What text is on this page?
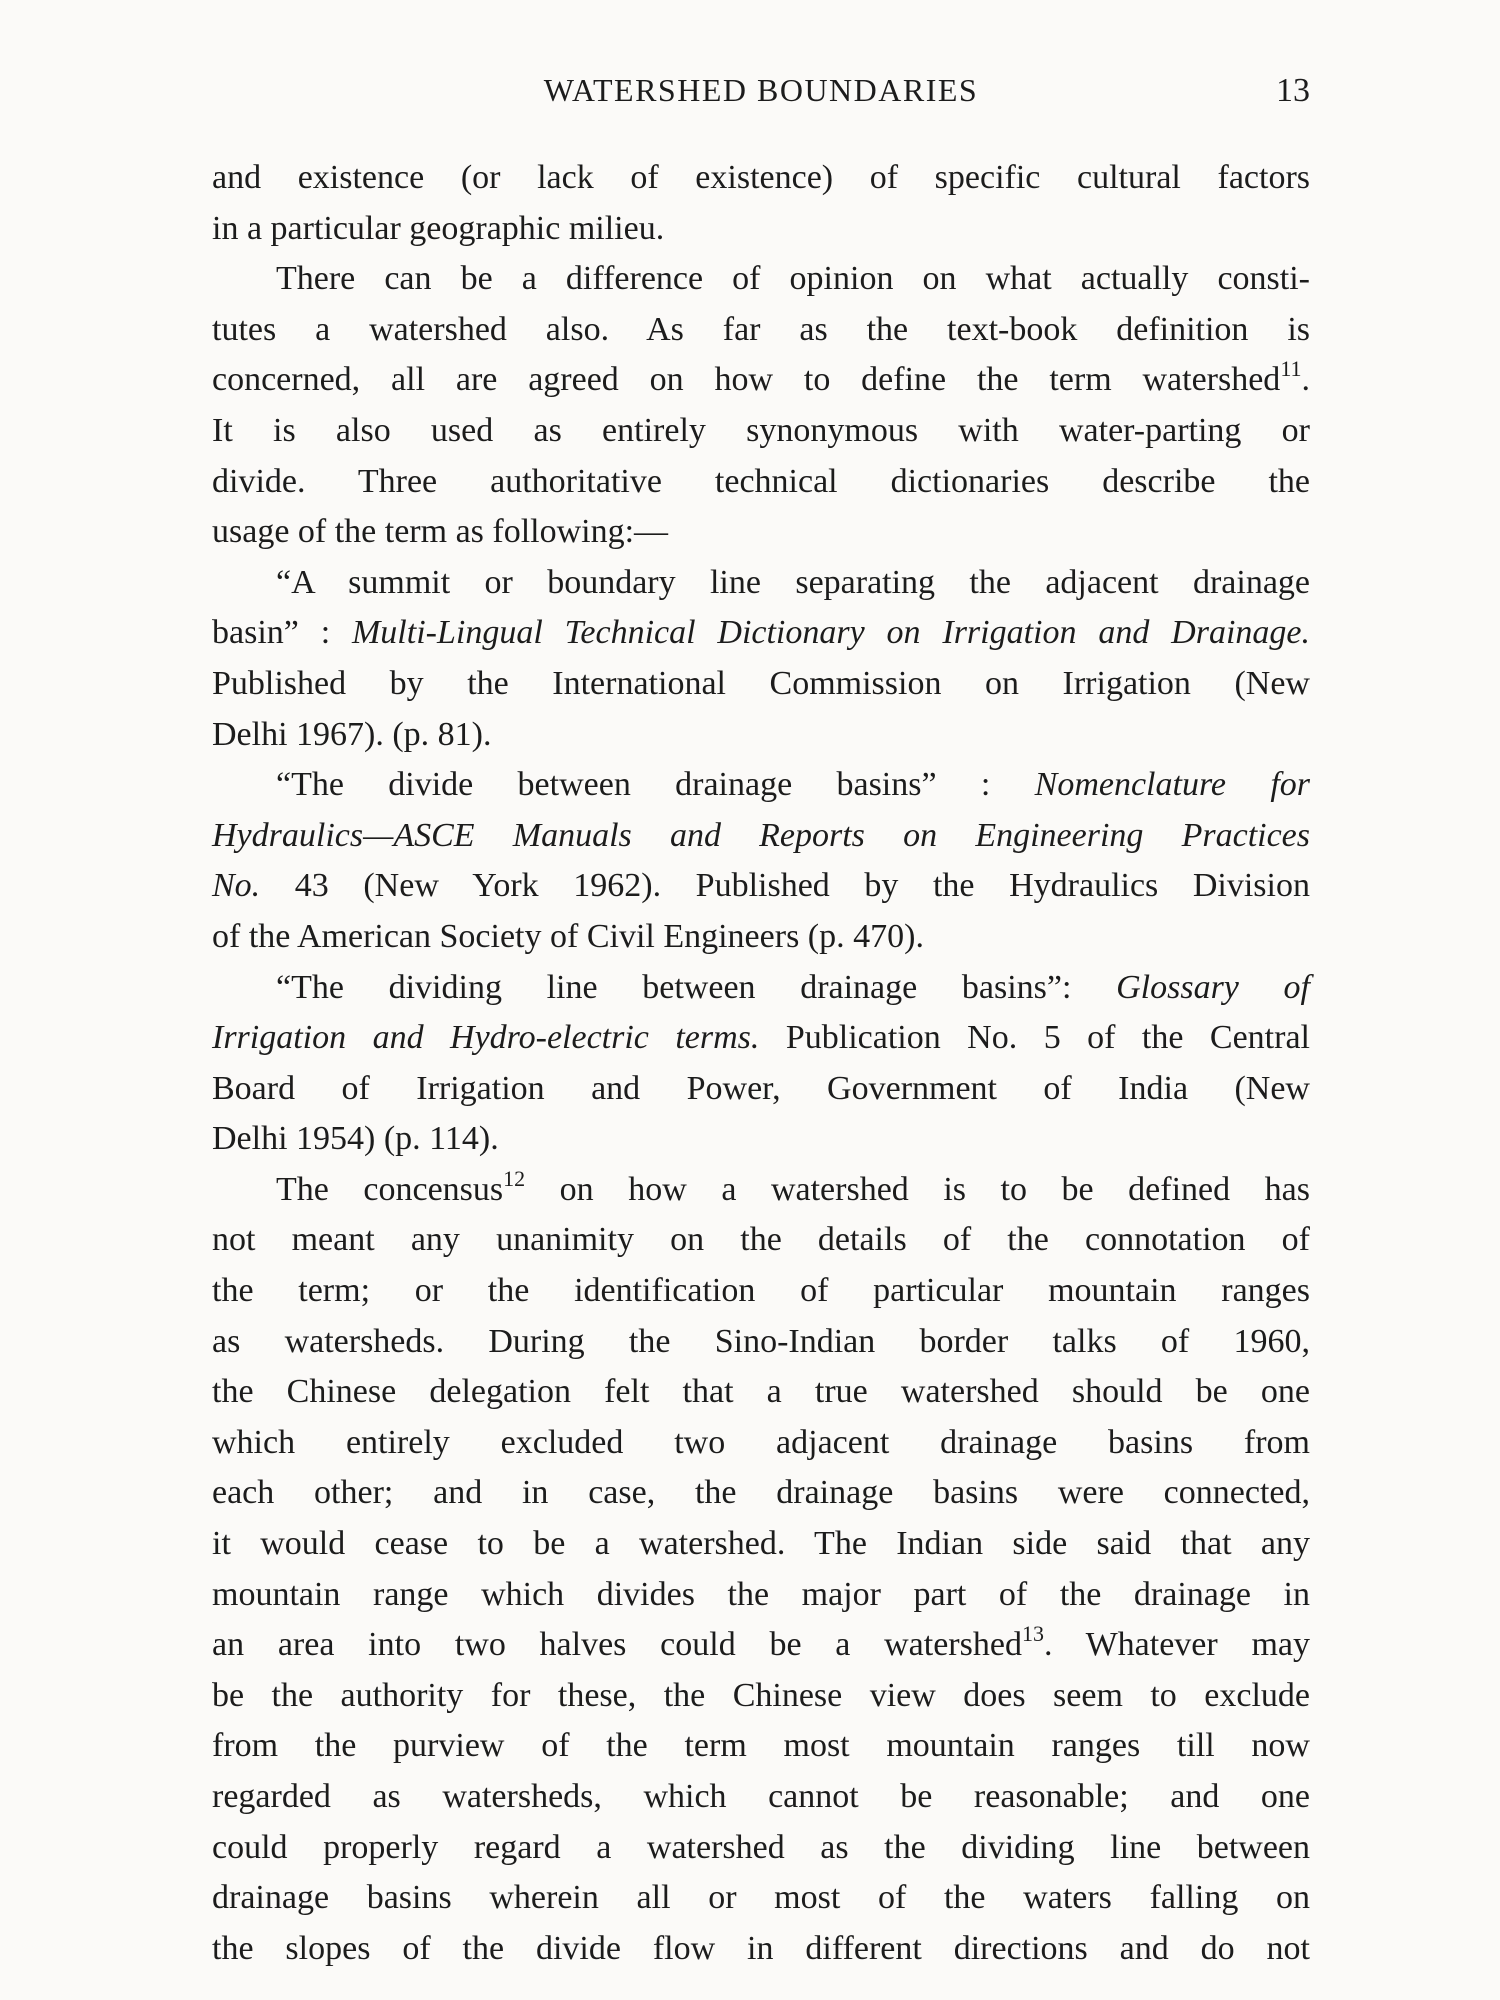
WATERSHED BOUNDARIES	13

and existence (or lack of existence) of specific cultural factors
in a particular geographic milieu.

There can be a difference of opinion on what actually consti-
tutes a watershed also. As far as the text-book definition is
concerned, all are agreed on how to define the term watershed$^{11}$.
It is also used as entirely synonymous with water-parting or
divide. Three authoritative technical dictionaries describe the
usage of the term as following:—

“A summit or boundary line separating the adjacent drainage
basin” : Multi-Lingual Technical Dictionary on Irrigation and Drainage.
Published by the International Commission on Irrigation (New
Delhi 1967). (p. 81).

“The divide between drainage basins” : Nomenclature for
Hydraulics—ASCE Manuals and Reports on Engineering Practices
No. 43 (New York 1962). Published by the Hydraulics Division
of the American Society of Civil Engineers (p. 470).

“The dividing line between drainage basins”: Glossary of
Irrigation and Hydro-electric terms. Publication No. 5 of the Central
Board of Irrigation and Power, Government of India (New
Delhi 1954) (p. 114).

The concensus$^{12}$ on how a watershed is to be defined has
not meant any unanimity on the details of the connotation of
the term; or the identification of particular mountain ranges
as watersheds. During the Sino-Indian border talks of 1960,
the Chinese delegation felt that a true watershed should be one
which entirely excluded two adjacent drainage basins from
each other; and in case, the drainage basins were connected,
it would cease to be a watershed. The Indian side said that any
mountain range which divides the major part of the drainage in
an area into two halves could be a watershed$^{13}$. Whatever may
be the authority for these, the Chinese view does seem to exclude
from the purview of the term most mountain ranges till now
regarded as watersheds, which cannot be reasonable; and one
could properly regard a watershed as the dividing line between
drainage basins wherein all or most of the waters falling on
the slopes of the divide flow in different directions and do not
